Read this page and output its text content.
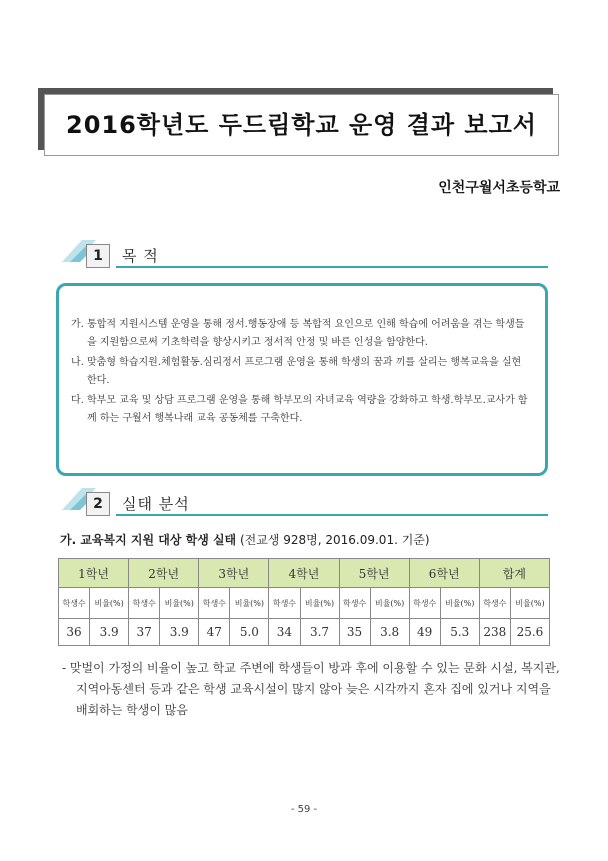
2016학년도 두드림학교 운영 결과 보고서
인천구월서초등학교
1	목 적
가. 통합적 지원시스템 운영을 통해 정서.행동장애 등 복합적 요인으로 인해 학습에 어려움을 겪는 학생들을 지원함으로써 기초학력을 향상시키고 정서적 안정 및 바른 인성을 함양한다.
나. 맞춤형 학습지원.체험활동.심리정서 프로그램 운영을 통해 학생의 꿈과 끼를 살리는 행복교육을 실현한다.
다. 학부모 교육 및 상담 프로그램 운영을 통해 학부모의 자녀교육 역량을 강화하고 학생.학부모.교사가 함께 하는 구월서 행복나래 교육 공동체를 구축한다.
2	실태 분석
가. 교육복지 지원 대상 학생 실태 (전교생 928명, 2016.09.01. 기준)
1학년		2학년		3학년		4학년		5학년		6학년		합계	
학생수	비율(%)	학생수	비율(%)	학생수	비율(%)	학생수	비율(%)	학생수	비율(%)	학생수	비율(%)	학생수	비율(%)
36	3.9	37	3.9	47	5.0	34	3.7	35	3.8	49	5.3	238	25.6
- 맞벌이 가정의 비율이 높고 학교 주변에 학생들이 방과 후에 이용할 수 있는 문화 시설, 복지관, 지역아동센터 등과 같은 학생 교육시설이 많지 않아 늦은 시각까지 혼자 집에 있거나 지역을 배회하는 학생이 많음
- 59 -
